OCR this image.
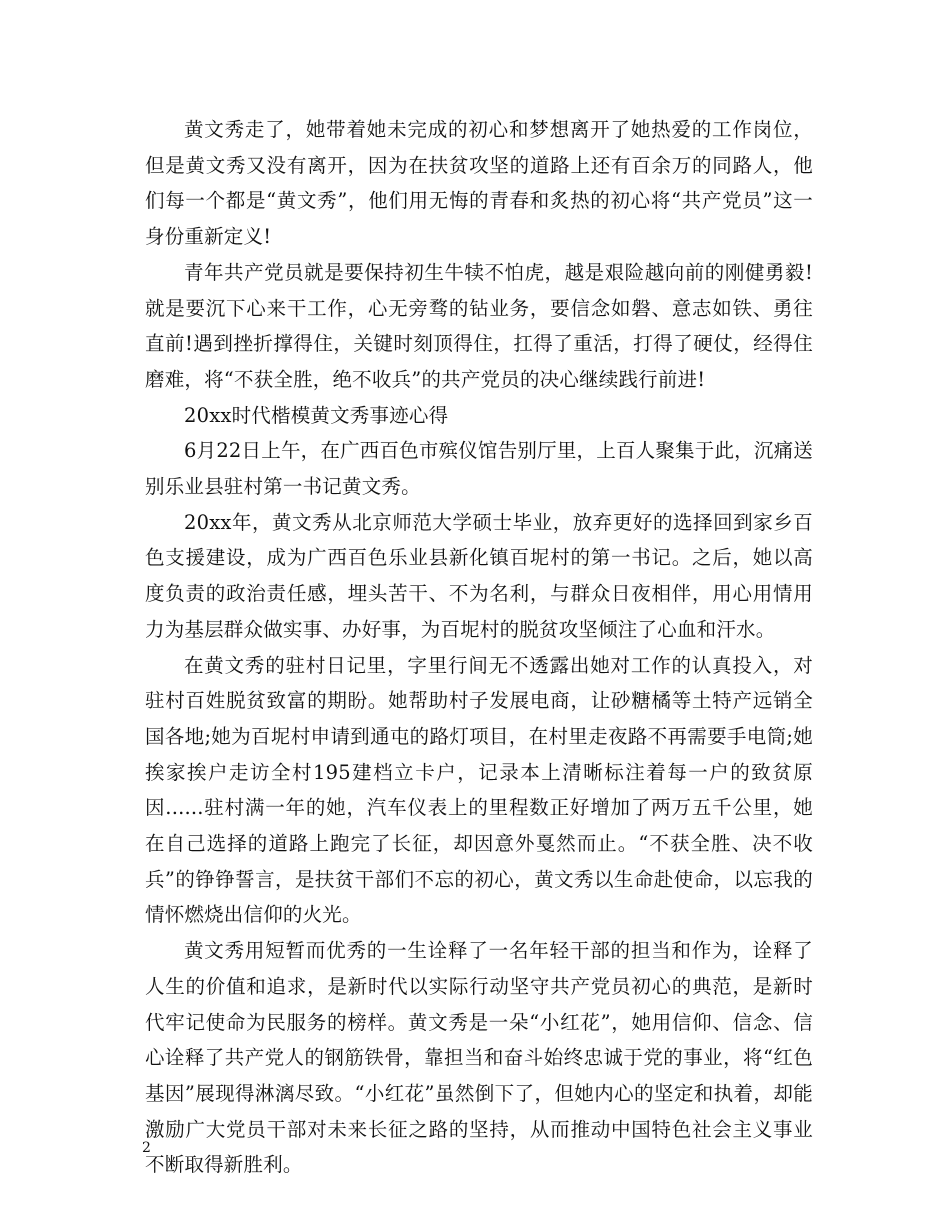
黄文秀走了，她带着她未完成的初心和梦想离开了她热爱的工作岗位，但是黄文秀又没有离开，因为在扶贫攻坚的道路上还有百余万的同路人，他们每一个都是“黄文秀”，他们用无悔的青春和炙热的初心将“共产党员”这一身份重新定义!

青年共产党员就是要保持初生牛犊不怕虎，越是艰险越向前的刚健勇毅!就是要沉下心来干工作，心无旁骛的钻业务，要信念如磐、意志如铁、勇往直前!遇到挫折撑得住，关键时刻顶得住，扛得了重活，打得了硬仗，经得住磨难，将“不获全胜，绝不收兵”的共产党员的决心继续践行前进!

20xx时代楷模黄文秀事迹心得

6月22日上午，在广西百色市殡仪馆告别厅里，上百人聚集于此，沉痛送别乐业县驻村第一书记黄文秀。

20xx年，黄文秀从北京师范大学硕士毕业，放弃更好的选择回到家乡百色支援建设，成为广西百色乐业县新化镇百坭村的第一书记。之后，她以高度负责的政治责任感，埋头苦干、不为名利，与群众日夜相伴，用心用情用力为基层群众做实事、办好事，为百坭村的脱贫攻坚倾注了心血和汗水。

在黄文秀的驻村日记里，字里行间无不透露出她对工作的认真投入，对驻村百姓脱贫致富的期盼。她帮助村子发展电商，让砂糖橘等土特产远销全国各地;她为百坭村申请到通屯的路灯项目，在村里走夜路不再需要手电筒;她挨家挨户走访全村195建档立卡户，记录本上清晰标注着每一户的致贫原因......驻村满一年的她，汽车仪表上的里程数正好增加了两万五千公里，她在自己选择的道路上跑完了长征，却因意外戛然而止。“不获全胜、决不收兵”的铮铮誓言，是扶贫干部们不忘的初心，黄文秀以生命赴使命，以忘我的情怀燃烧出信仰的火光。

黄文秀用短暂而优秀的一生诠释了一名年轻干部的担当和作为，诠释了人生的价值和追求，是新时代以实际行动坚守共产党员初心的典范，是新时代牢记使命为民服务的榜样。黄文秀是一朵“小红花”，她用信仰、信念、信心诠释了共产党人的钢筋铁骨，靠担当和奋斗始终忠诚于党的事业，将“红色基因”展现得淋漓尽致。“小红花”虽然倒下了，但她内心的坚定和执着，却能激励广大党员干部对未来长征之路的坚持，从而推动中国特色社会主义事业不断取得新胜利。

2
